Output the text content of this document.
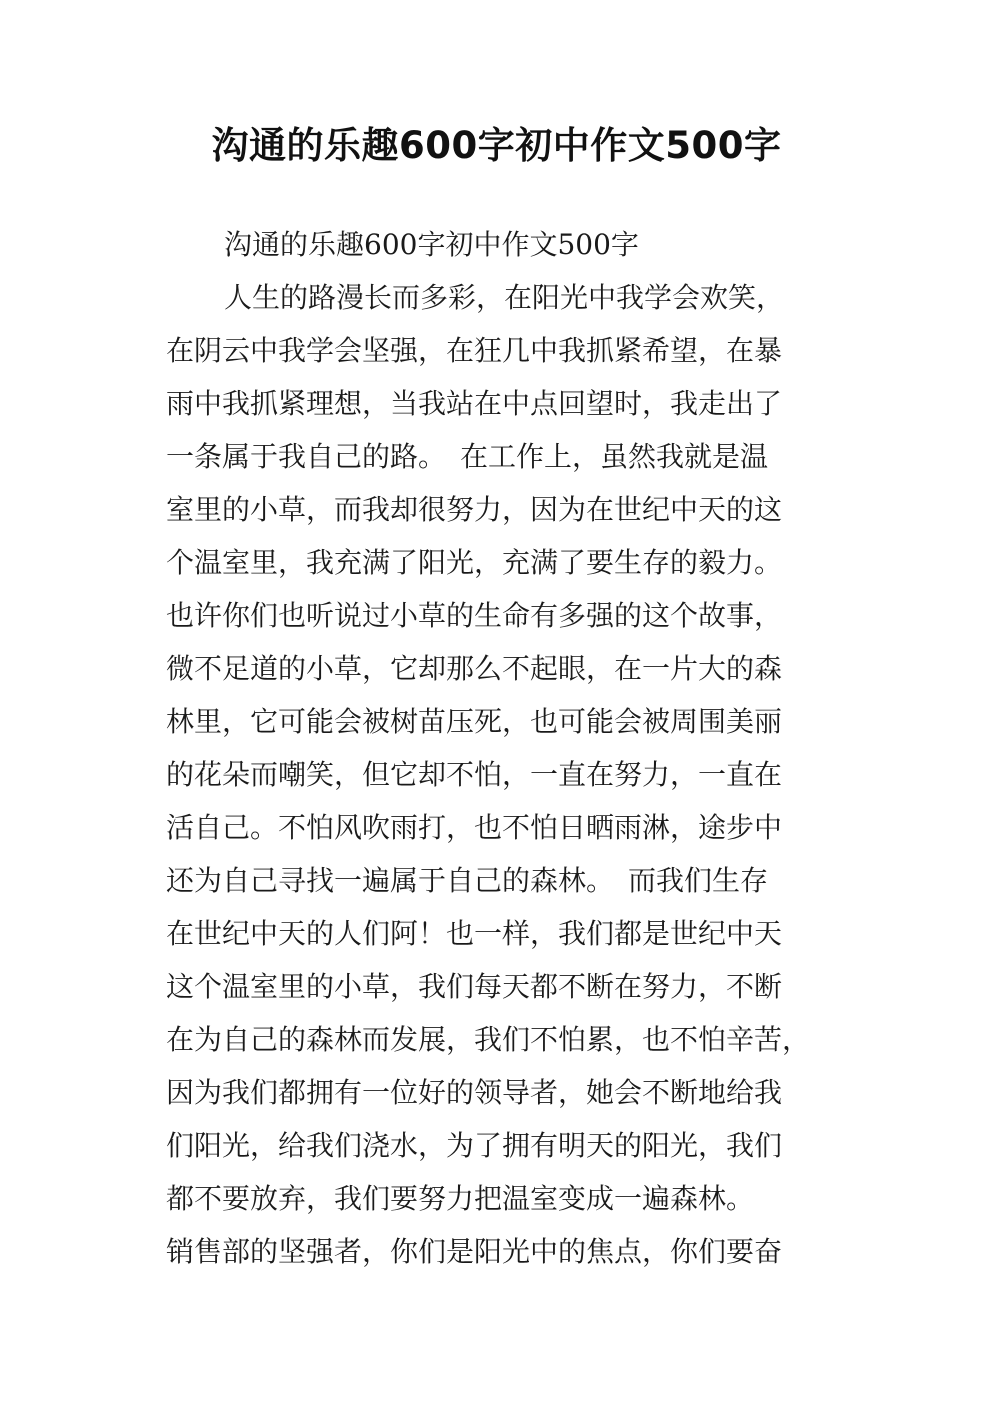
沟通的乐趣600字初中作文500字
沟通的乐趣600字初中作文500字
人生的路漫长而多彩，在阳光中我学会欢笑，
在阴云中我学会坚强，在狂几中我抓紧希望，在暴
雨中我抓紧理想，当我站在中点回望时，我走出了
一条属于我自己的路。　在工作上，虽然我就是温
室里的小草，而我却很努力，因为在世纪中天的这
个温室里，我充满了阳光，充满了要生存的毅力。
也许你们也听说过小草的生命有多强的这个故事，
微不足道的小草，它却那么不起眼，在一片大的森
林里，它可能会被树苗压死，也可能会被周围美丽
的花朵而嘲笑，但它却不怕，一直在努力，一直在
活自己。不怕风吹雨打，也不怕日晒雨淋，途步中
还为自己寻找一遍属于自己的森林。　而我们生存
在世纪中天的人们阿！也一样，我们都是世纪中天
这个温室里的小草，我们每天都不断在努力，不断
在为自己的森林而发展，我们不怕累，也不怕辛苦，
因为我们都拥有一位好的领导者，她会不断地给我
们阳光，给我们浇水，为了拥有明天的阳光，我们
都不要放弃，我们要努力把温室变成一遍森林。
销售部的坚强者，你们是阳光中的焦点，你们要奋
